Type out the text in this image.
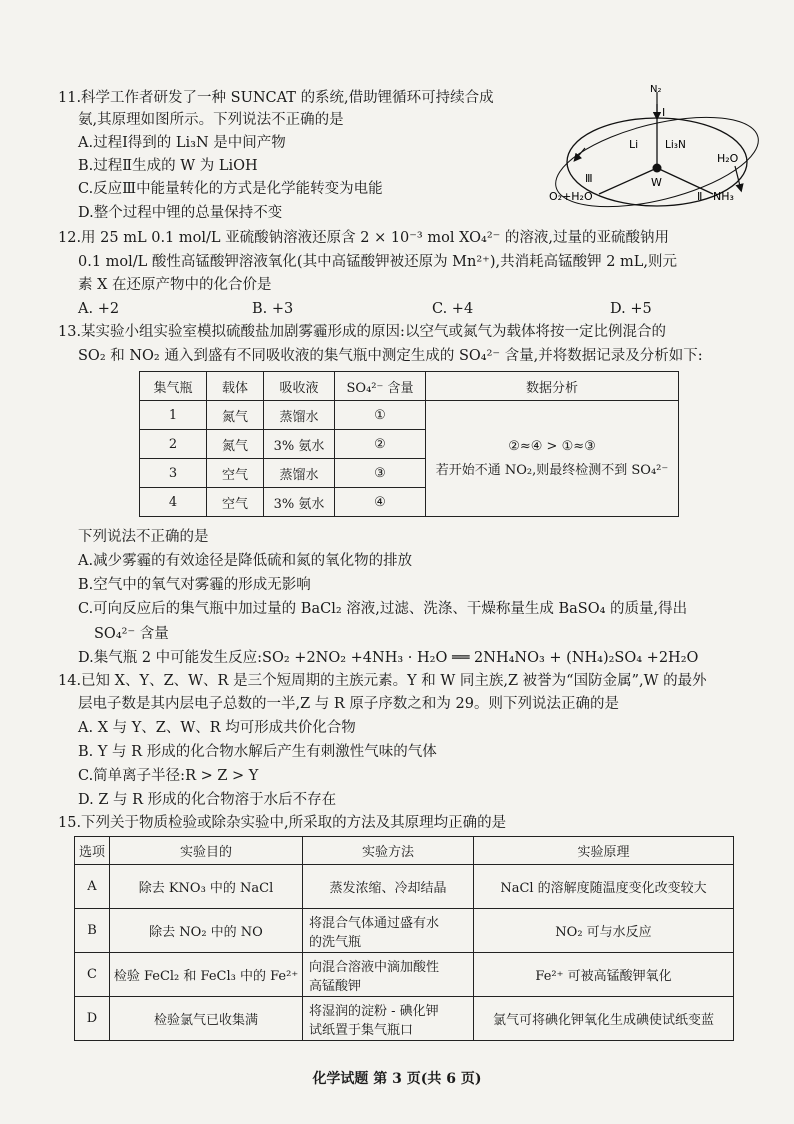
11.科学工作者研发了一种 SUNCAT 的系统,借助锂循环可持续合成
氨,其原理如图所示。下列说法不正确的是
A.过程Ⅰ得到的 Li₃N 是中间产物
B.过程Ⅱ生成的 W 为 LiOH
C.反应Ⅲ中能量转化的方式是化学能转变为电能
D.整个过程中锂的总量保持不变
N₂
Ⅰ
Li	Li₃N
H₂O
Ⅲ	W
O₂+H₂O	Ⅱ NH₃
12.用 25 mL 0.1 mol/L 亚硫酸钠溶液还原含 2 × 10⁻³ mol XO₄²⁻ 的溶液,过量的亚硫酸钠用
0.1 mol/L 酸性高锰酸钾溶液氧化(其中高锰酸钾被还原为 Mn²⁺),共消耗高锰酸钾 2 mL,则元
素 X 在还原产物中的化合价是
A. +2	B. +3	C. +4	D. +5
13.某实验小组实验室模拟硫酸盐加剧雾霾形成的原因:以空气或氮气为载体将按一定比例混合的
SO₂ 和 NO₂ 通入到盛有不同吸收液的集气瓶中测定生成的 SO₄²⁻ 含量,并将数据记录及分析如下:
集气瓶	载体	吸收液	SO₄²⁻ 含量	数据分析
1	氮气	蒸馏水	①	②≈④ > ①≈③
若开始不通 NO₂,则最终检测不到 SO₄²⁻

2	氮气	3% 氨水	②	
3	空气	蒸馏水	③	
4	空气	3% 氨水	④	
下列说法不正确的是
A.减少雾霾的有效途径是降低硫和氮的氧化物的排放
B.空气中的氧气对雾霾的形成无影响
C.可向反应后的集气瓶中加过量的 BaCl₂ 溶液,过滤、洗涤、干燥称量生成 BaSO₄ 的质量,得出
SO₄²⁻ 含量
D.集气瓶 2 中可能发生反应:SO₂ +2NO₂ +4NH₃ · H₂O ══ 2NH₄NO₃ + (NH₄)₂SO₄ +2H₂O
14.已知 X、Y、Z、W、R 是三个短周期的主族元素。Y 和 W 同主族,Z 被誉为“国防金属”,W 的最外
层电子数是其内层电子总数的一半,Z 与 R 原子序数之和为 29。则下列说法正确的是
A. X 与 Y、Z、W、R 均可形成共价化合物
B. Y 与 R 形成的化合物水解后产生有刺激性气味的气体
C.简单离子半径:R > Z > Y
D. Z 与 R 形成的化合物溶于水后不存在
15.下列关于物质检验或除杂实验中,所采取的方法及其原理均正确的是
选项	实验目的	实验方法	实验原理
A	除去 KNO₃ 中的 NaCl	蒸发浓缩、冷却结晶	NaCl 的溶解度随温度变化改变较大
B	除去 NO₂ 中的 NO	将混合气体通过盛有水
的洗气瓶	NO₂ 可与水反应
C	检验 FeCl₂ 和 FeCl₃ 中的 Fe²⁺	向混合溶液中滴加酸性
高锰酸钾	Fe²⁺ 可被高锰酸钾氧化
D	检验氯气已收集满	将湿润的淀粉 - 碘化钾
试纸置于集气瓶口	氯气可将碘化钾氧化生成碘使试纸变蓝
化学试题 第 3 页(共 6 页)
